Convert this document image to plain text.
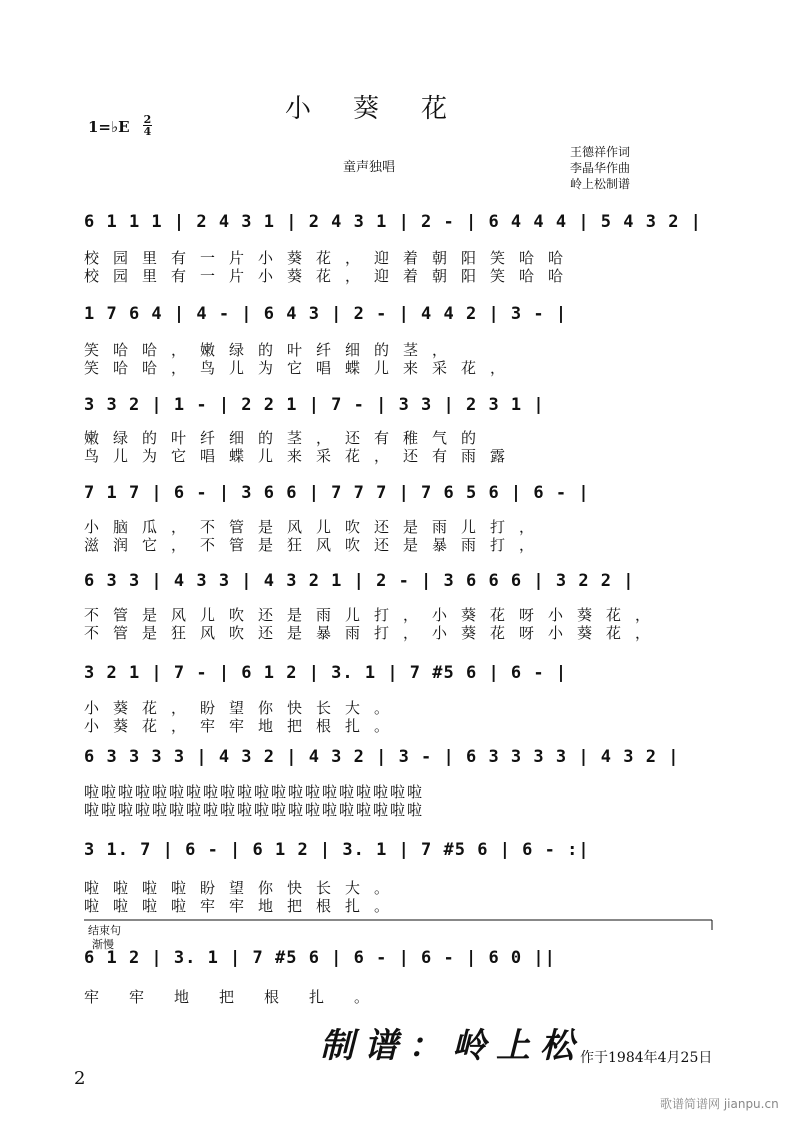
小葵花
1=♭E 2
4
童声独唱
王德祥作词
李晶华作曲
岭上松制谱
6 1 1 1 | 2 4 3 1 | 2 4 3 1 | 2 - | 6 4 4 4 | 5 4 3 2 |
校园里有一片小葵花，迎着朝阳笑哈哈
校园里有一片小葵花，迎着朝阳笑哈哈
1 7 6 4 | 4 - | 6 4 3 | 2 - | 4 4 2 | 3 - |
笑哈哈，嫩绿的叶纤细的茎，
笑哈哈，鸟儿为它唱蝶儿来采花，
3 3 2 | 1 - | 2 2 1 | 7 - | 3 3 | 2 3 1 |
嫩绿的叶纤细的茎，还有稚气的
鸟儿为它唱蝶儿来采花，还有雨露
7 1 7 | 6 - | 3 6 6 | 7 7 7 | 7 6 5 6 | 6 - |
小脑瓜，不管是风儿吹还是雨儿打，
滋润它，不管是狂风吹还是暴雨打，
6 3 3 | 4 3 3 | 4 3 2 1 | 2 - | 3 6 6 6 | 3 2 2 |
不管是风儿吹还是雨儿打，小葵花呀小葵花，
不管是狂风吹还是暴雨打，小葵花呀小葵花，
3 2 1 | 7 - | 6 1 2 | 3. 1 | 7 #5 6 | 6 - |
小葵花，盼望你快长大。
小葵花，牢牢地把根扎。
6 3 3 3 3 | 4 3 2 | 4 3 2 | 3 - | 6 3 3 3 3 | 4 3 2 |
啦啦啦啦啦啦啦啦啦啦啦啦啦啦啦啦啦啦啦啦
啦啦啦啦啦啦啦啦啦啦啦啦啦啦啦啦啦啦啦啦
3 1. 7 | 6 - | 6 1 2 | 3. 1 | 7 #5 6 | 6 - :|
啦啦啦啦盼望你快长大。
啦啦啦啦牢牢地把根扎。
结束句
渐慢
6 1 2 | 3. 1 | 7 #5 6 | 6 - | 6 - | 6 0 ||
牢牢地把根扎。
制谱：岭上松
作于1984年4月25日
2
歌谱简谱网 jianpu.cn
